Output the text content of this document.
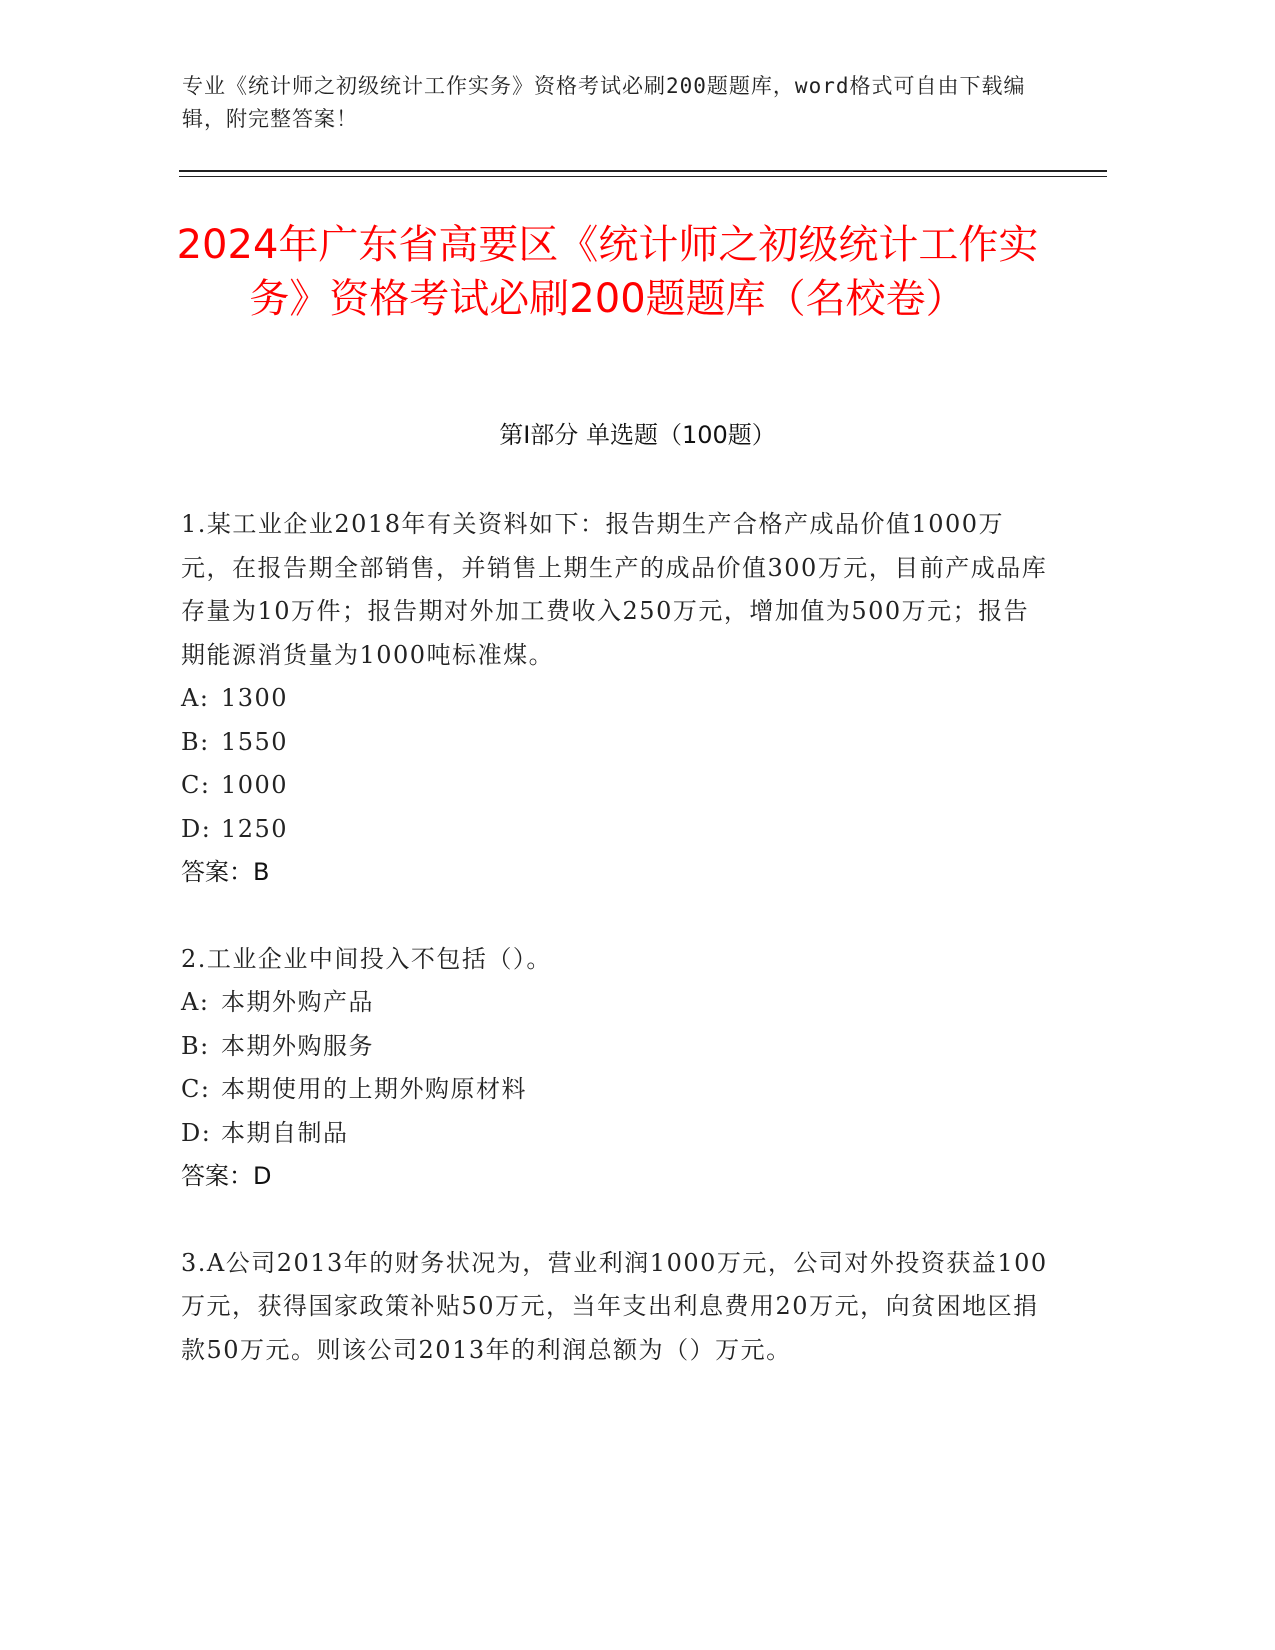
专业《统计师之初级统计工作实务》资格考试必刷200题题库，word格式可自由下载编辑，附完整答案！
2024年广东省高要区《统计师之初级统计工作实务》资格考试必刷200题题库（名校卷）
第I部分 单选题（100题）

1.某工业企业2018年有关资料如下：报告期生产合格产成品价值1000万元，在报告期全部销售，并销售上期生产的成品价值300万元，目前产成品库存量为10万件；报告期对外加工费收入250万元，增加值为500万元；报告期能源消货量为1000吨标准煤。

A: 1300

B: 1550

C: 1000

D: 1250

答案：B

2.工业企业中间投入不包括（）。

A: 本期外购产品

B: 本期外购服务

C: 本期使用的上期外购原材料

D: 本期自制品

答案：D

3.A公司2013年的财务状况为，营业利润1000万元，公司对外投资获益100万元，获得国家政策补贴50万元，当年支出利息费用20万元，向贫困地区捐款50万元。则该公司2013年的利润总额为（）万元。
